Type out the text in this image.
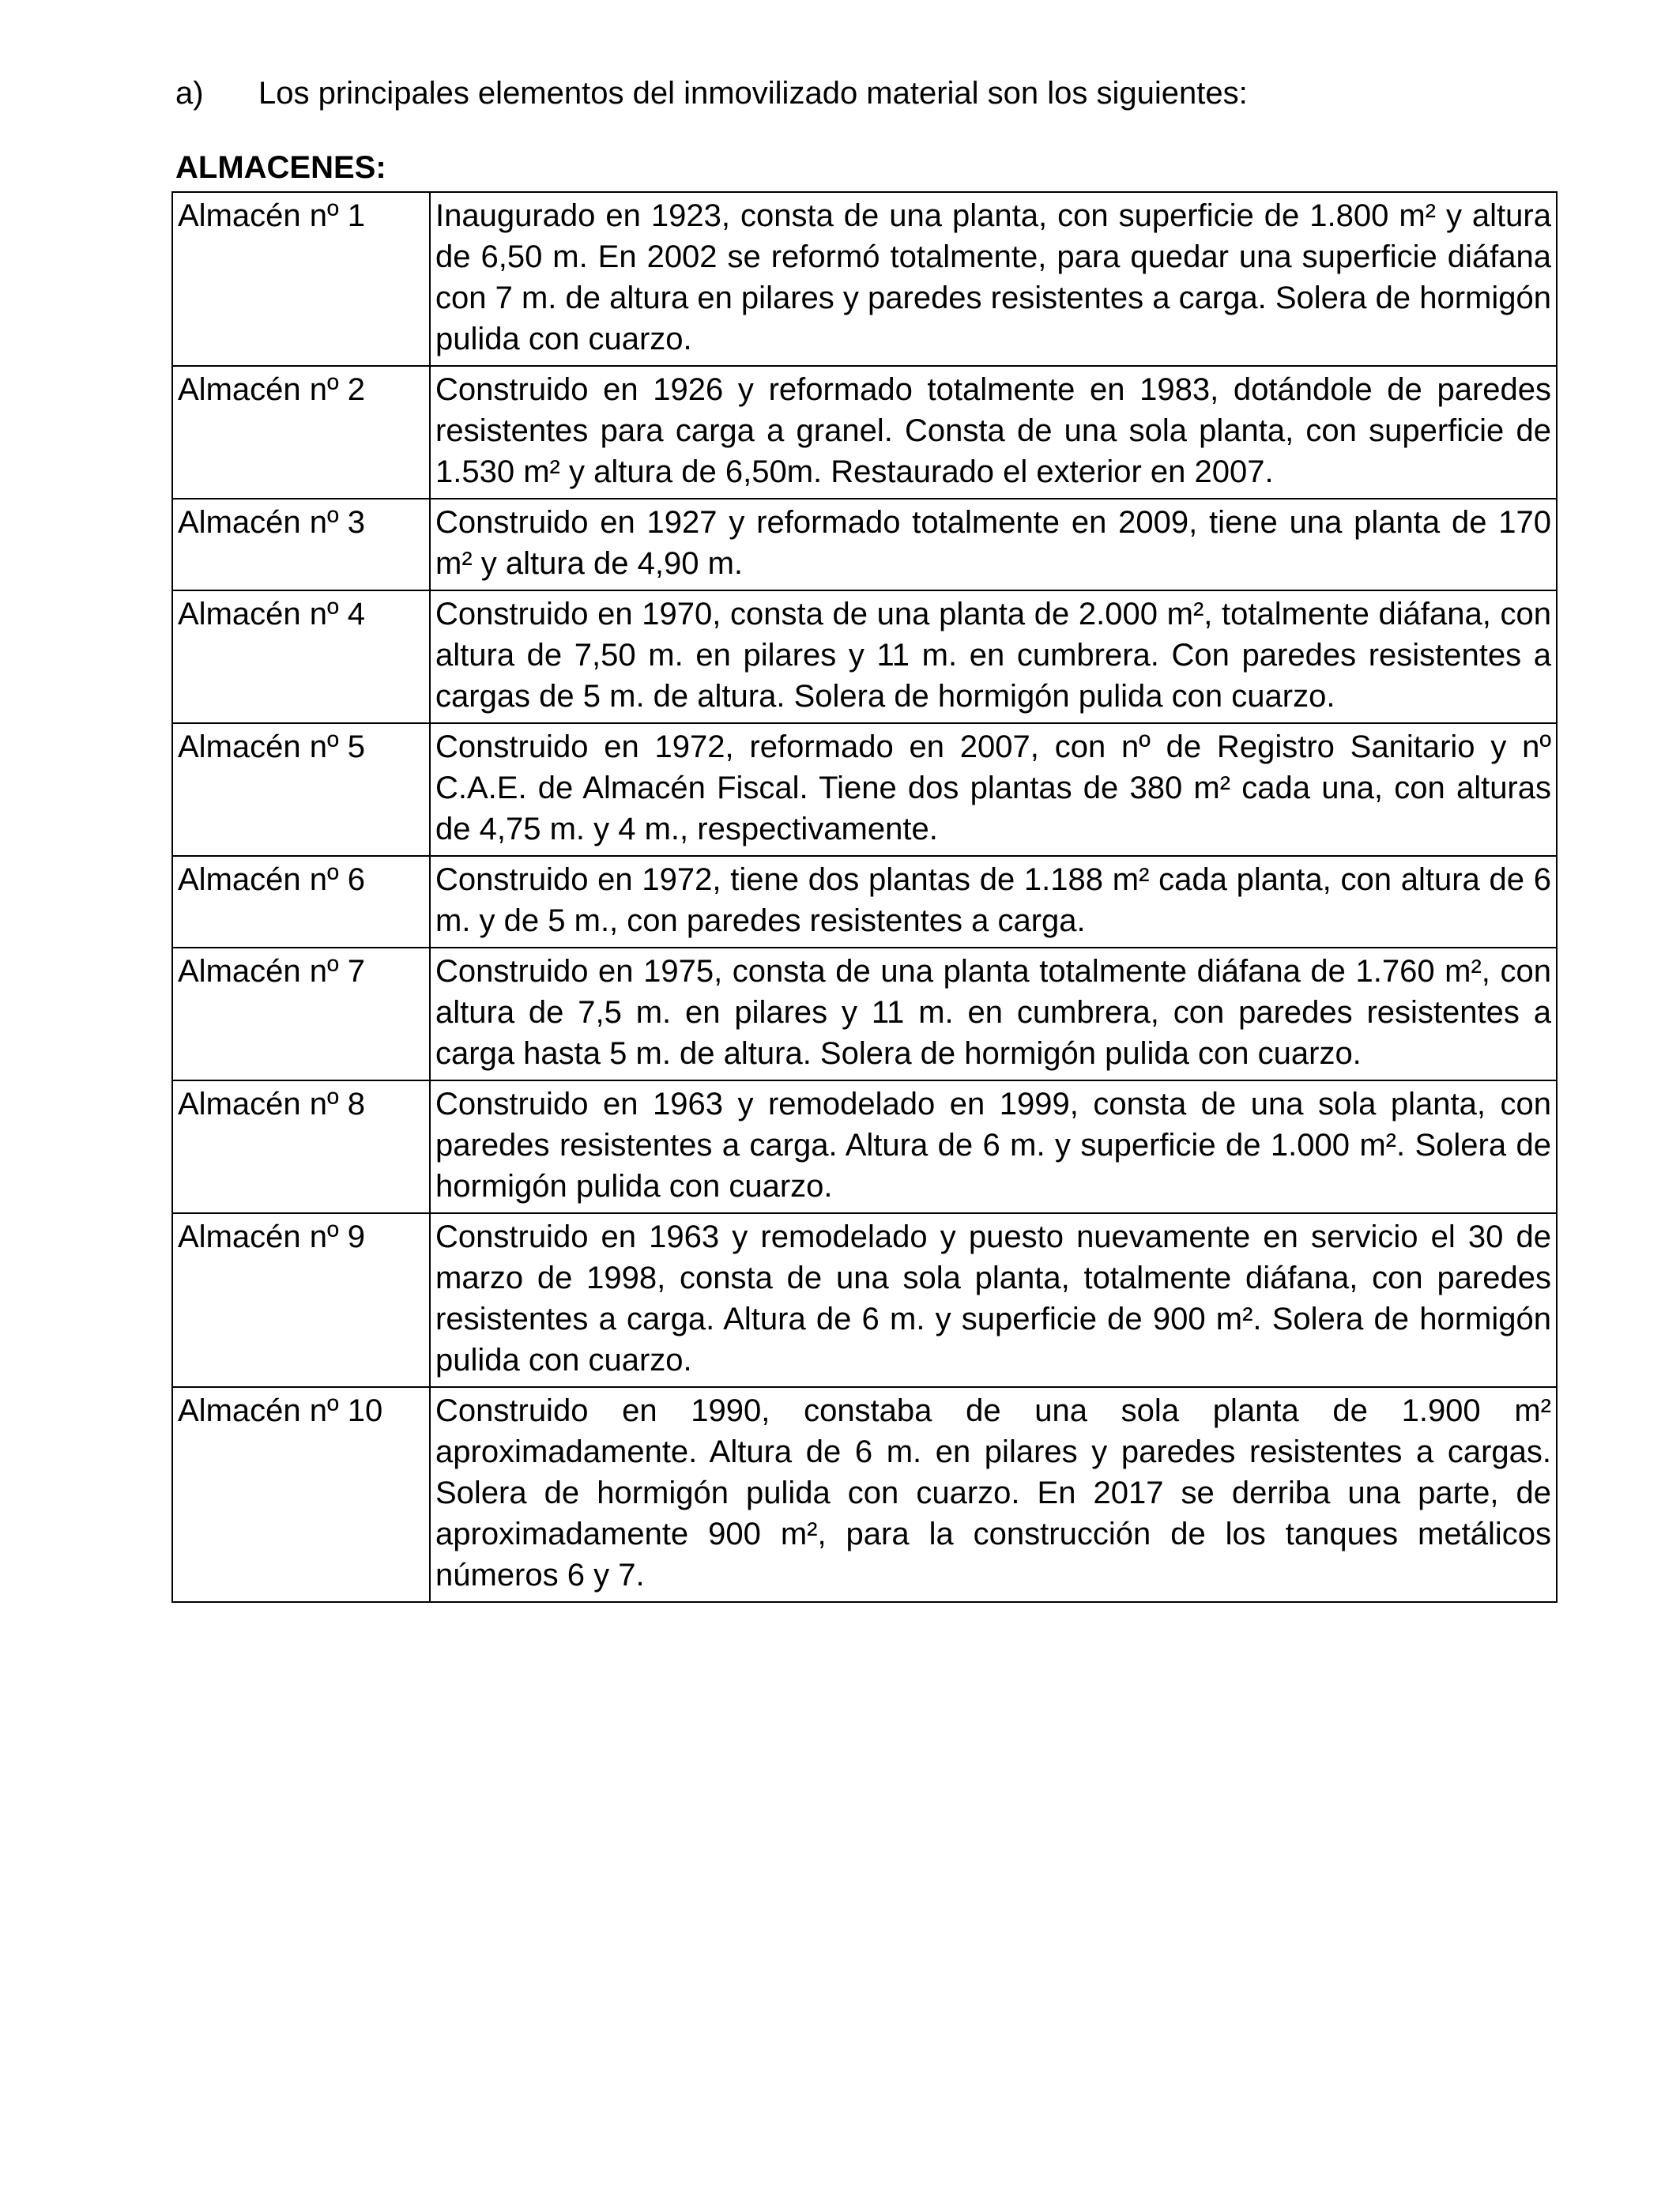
a) Los principales elementos del inmovilizado material son los siguientes:
ALMACENES:
Almacén nº 1	Inaugurado en 1923, consta de una planta, con superficie de 1.800 m² y altura de 6,50 m. En 2002 se reformó totalmente, para quedar una superficie diáfana con 7 m. de altura en pilares y paredes resistentes a carga. Solera de hormigón pulida con cuarzo.
Almacén nº 2	Construido en 1926 y reformado totalmente en 1983, dotándole de paredes resistentes para carga a granel. Consta de una sola planta, con superficie de 1.530 m² y altura de 6,50m. Restaurado el exterior en 2007.
Almacén nº 3	Construido en 1927 y reformado totalmente en 2009, tiene una planta de 170 m² y altura de 4,90 m.
Almacén nº 4	Construido en 1970, consta de una planta de 2.000 m², totalmente diáfana, con altura de 7,50 m. en pilares y 11 m. en cumbrera. Con paredes resistentes a cargas de 5 m. de altura. Solera de hormigón pulida con cuarzo.
Almacén nº 5	Construido en 1972, reformado en 2007, con nº de Registro Sanitario y nº C.A.E. de Almacén Fiscal. Tiene dos plantas de 380 m² cada una, con alturas de 4,75 m. y 4 m., respectivamente.
Almacén nº 6	Construido en 1972, tiene dos plantas de 1.188 m² cada planta, con altura de 6 m. y de 5 m., con paredes resistentes a carga.
Almacén nº 7	Construido en 1975, consta de una planta totalmente diáfana de 1.760 m², con altura de 7,5 m. en pilares y 11 m. en cumbrera, con paredes resistentes a carga hasta 5 m. de altura. Solera de hormigón pulida con cuarzo.
Almacén nº 8	Construido en 1963 y remodelado en 1999, consta de una sola planta, con paredes resistentes a carga. Altura de 6 m. y superficie de 1.000 m². Solera de hormigón pulida con cuarzo.
Almacén nº 9	Construido en 1963 y remodelado y puesto nuevamente en servicio el 30 de marzo de 1998, consta de una sola planta, totalmente diáfana, con paredes resistentes a carga. Altura de 6 m. y superficie de 900 m². Solera de hormigón pulida con cuarzo.
Almacén nº 10	Construido en 1990, constaba de una sola planta de 1.900 m² aproximadamente. Altura de 6 m. en pilares y paredes resistentes a cargas. Solera de hormigón pulida con cuarzo. En 2017 se derriba una parte, de aproximadamente 900 m², para la construcción de los tanques metálicos números 6 y 7.
